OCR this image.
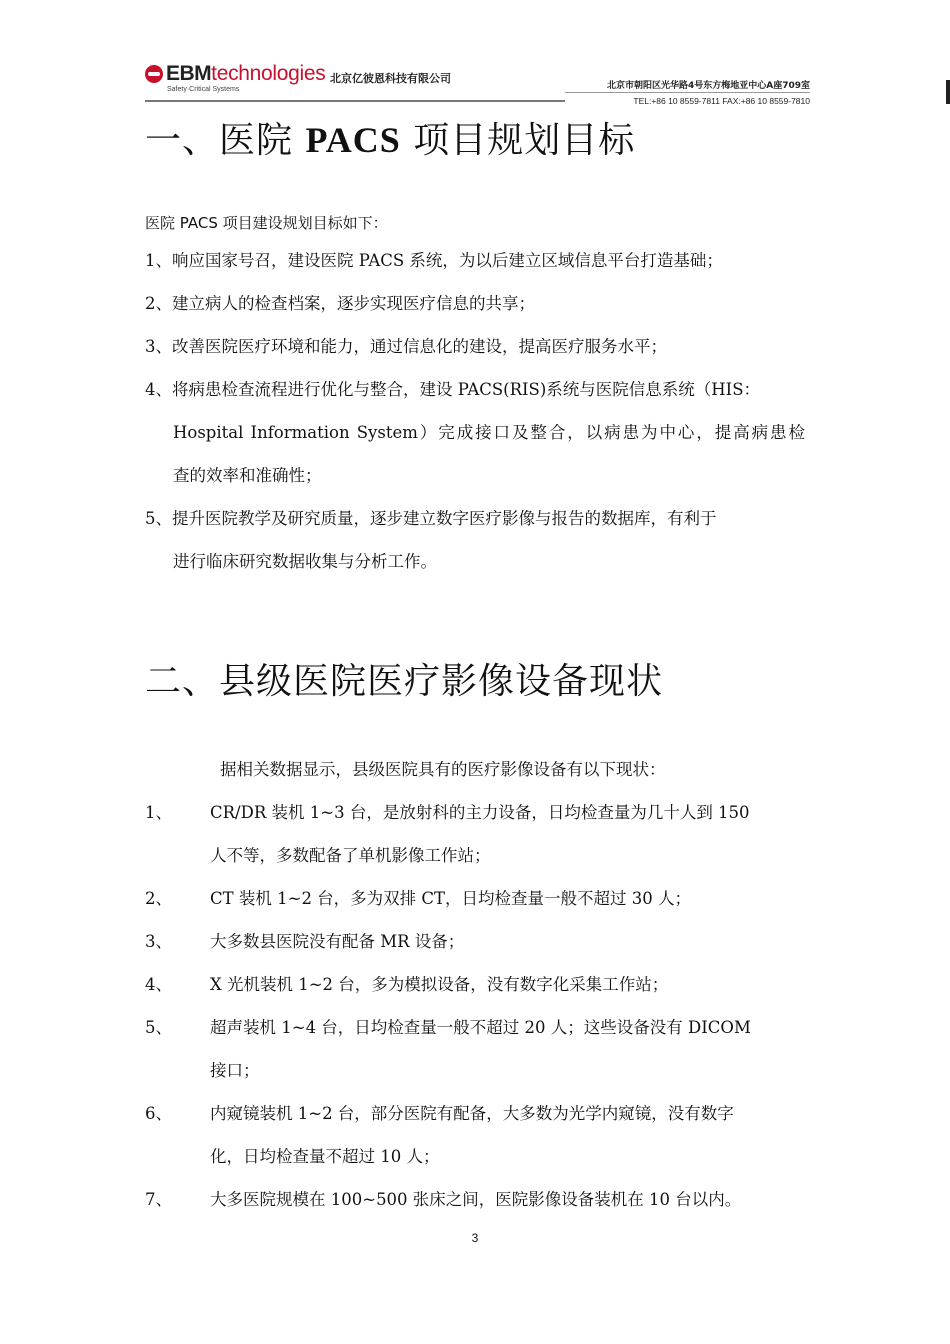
EBM technologies
Safety·Critical Systems
北京亿彼恩科技有限公司
北京市朝阳区光华路4号东方梅地亚中心A座709室
TEL:+86 10 8559-7811 FAX:+86 10 8559-7810
一、医院 PACS 项目规划目标
医院 PACS 项目建设规划目标如下：
1、响应国家号召，建设医院 PACS 系统，为以后建立区域信息平台打造基础；
2、建立病人的检查档案，逐步实现医疗信息的共享；
3、改善医院医疗环境和能力，通过信息化的建设，提高医疗服务水平；
4、将病患检查流程进行优化与整合，建设 PACS(RIS)系统与医院信息系统（HIS：
Hospital Information System）完成接口及整合，以病患为中心，提高病患检
查的效率和准确性；
5、提升医院教学及研究质量，逐步建立数字医疗影像与报告的数据库，有利于
进行临床研究数据收集与分析工作。
二、县级医院医疗影像设备现状
据相关数据显示，县级医院具有的医疗影像设备有以下现状：
1、 CR/DR 装机 1~3 台，是放射科的主力设备，日均检查量为几十人到 150
人不等，多数配备了单机影像工作站；
2、 CT 装机 1~2 台，多为双排 CT，日均检查量一般不超过 30 人；
3、 大多数县医院没有配备 MR 设备；
4、 X 光机装机 1~2 台，多为模拟设备，没有数字化采集工作站；
5、 超声装机 1~4 台，日均检查量一般不超过 20 人；这些设备没有 DICOM
接口；
6、 内窥镜装机 1~2 台，部分医院有配备，大多数为光学内窥镜，没有数字
化，日均检查量不超过 10 人；
7、 大多医院规模在 100~500 张床之间，医院影像设备装机在 10 台以内。
3
